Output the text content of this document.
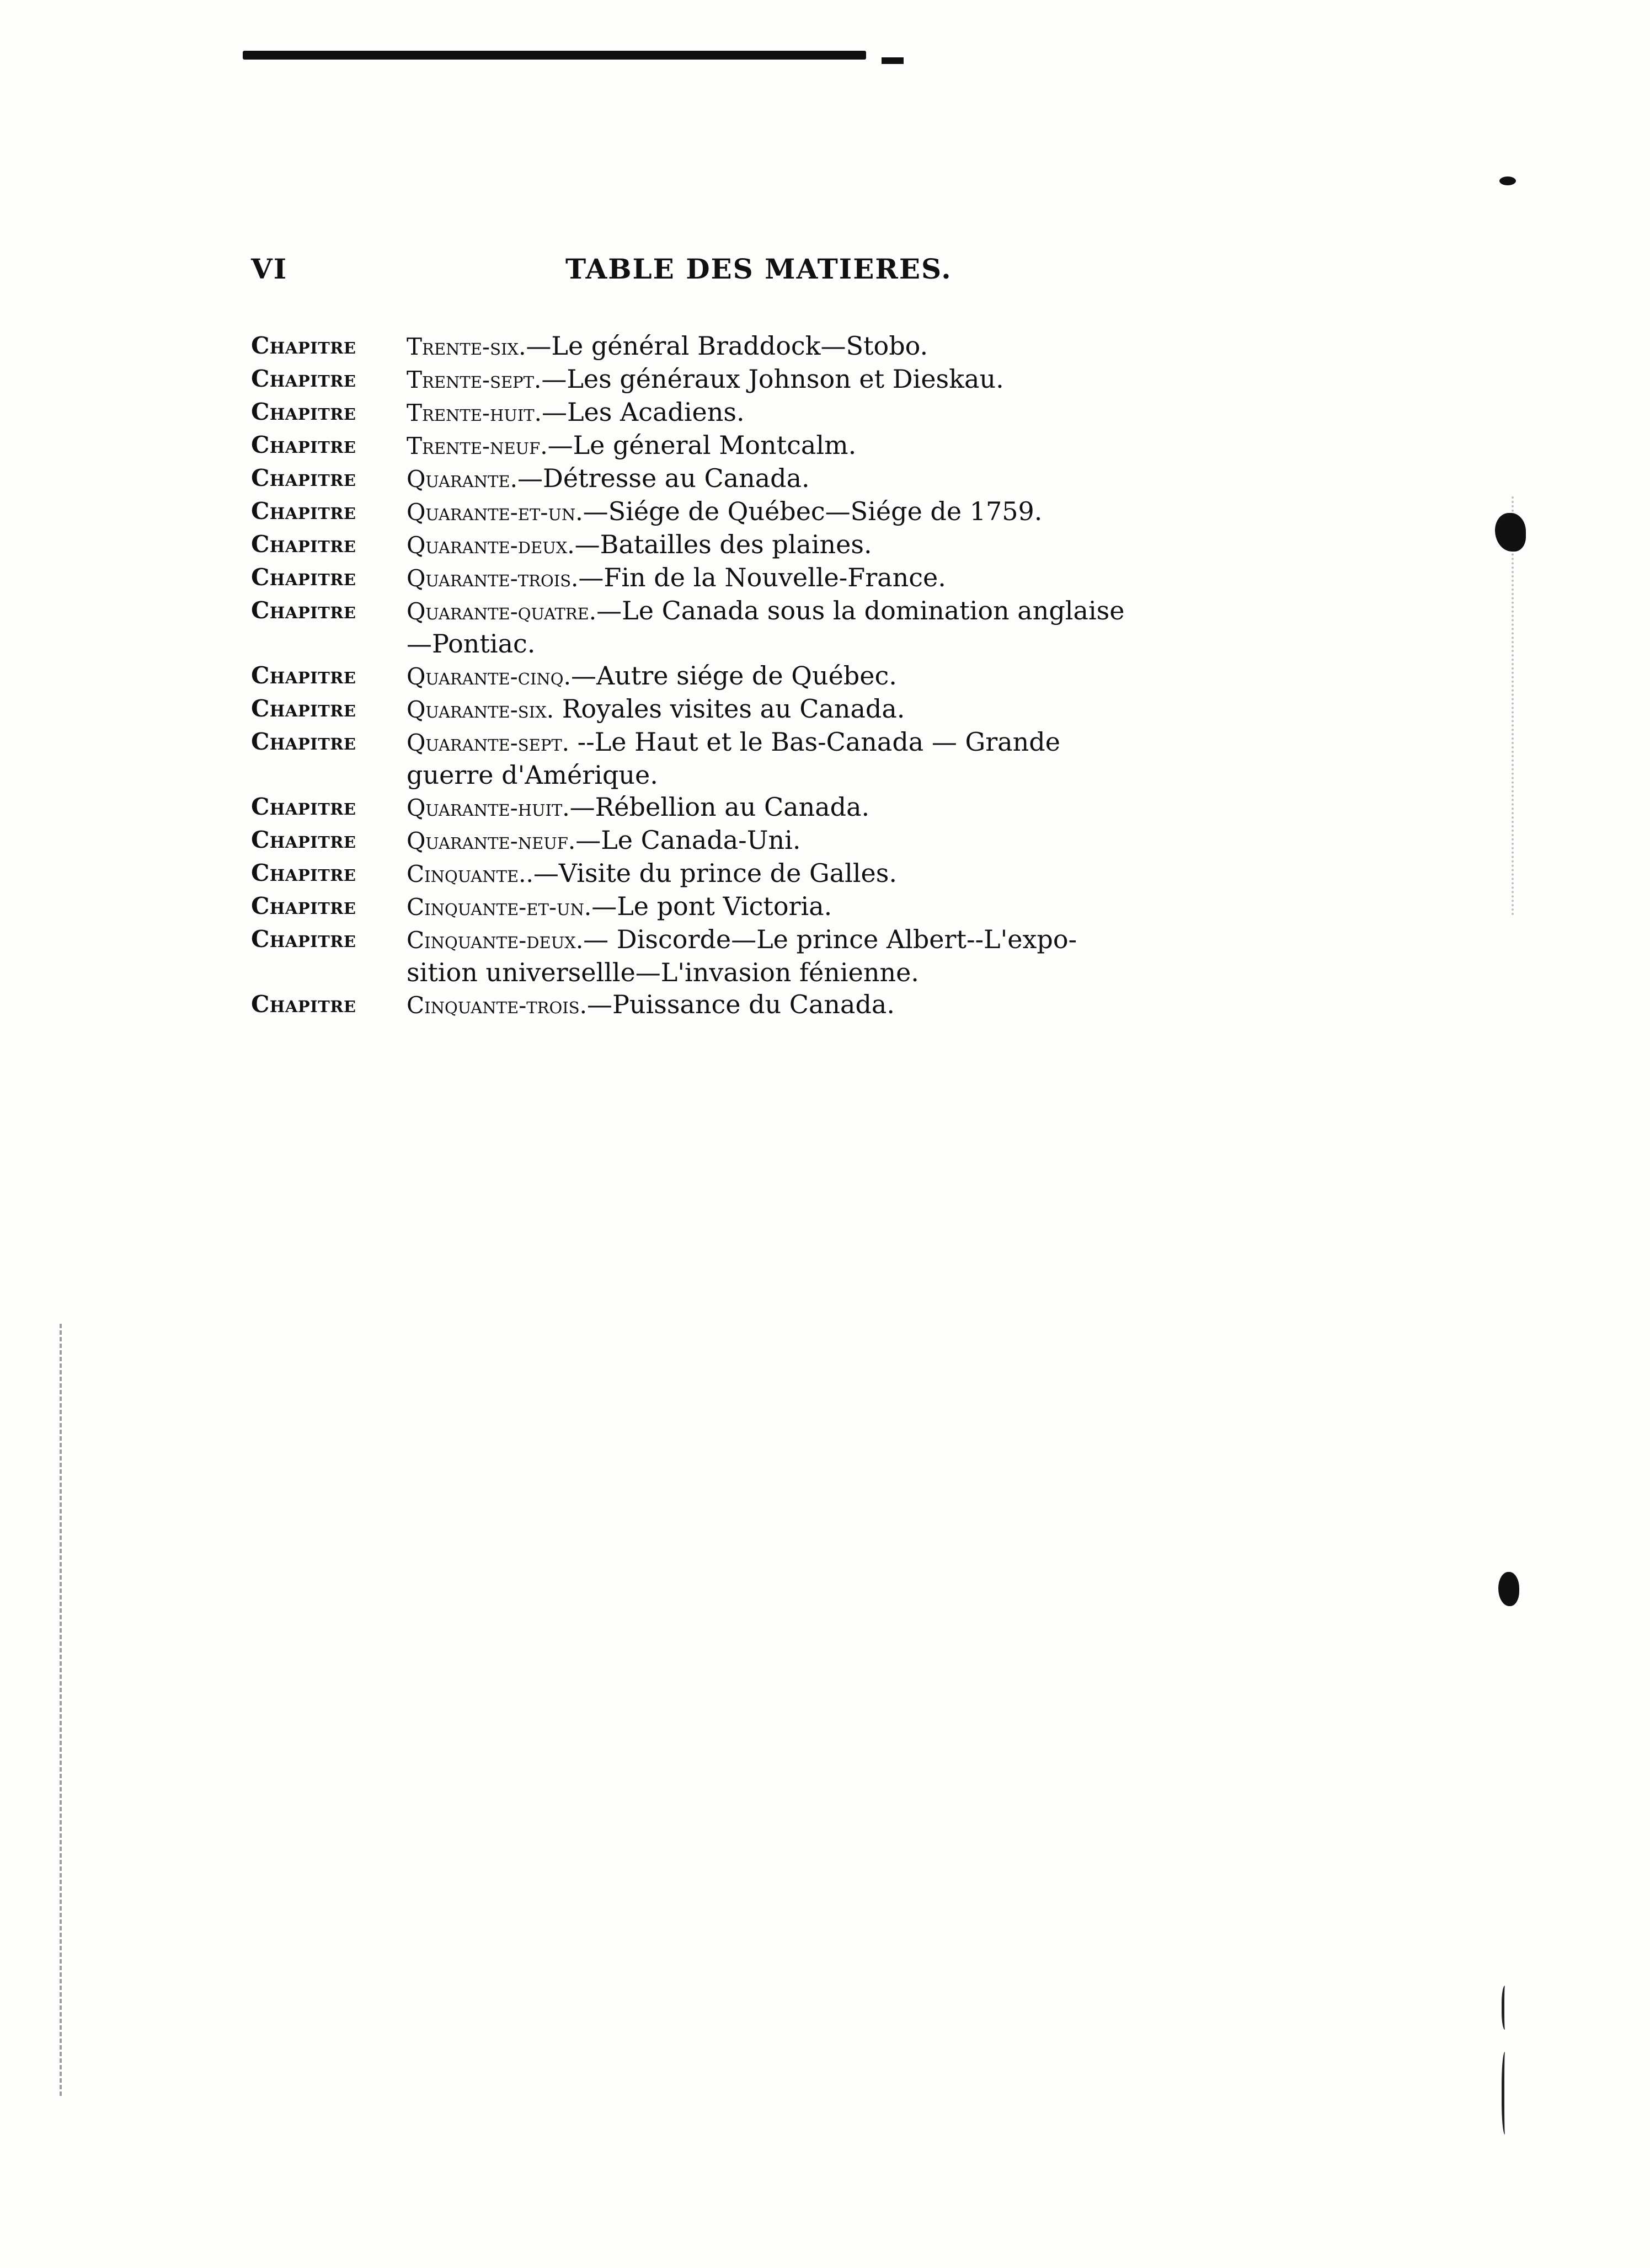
VI	TABLE DES MATIERES.
Chapitre	Trente-six.—Le général Braddock—Stobo.
Chapitre	Trente-sept.—Les généraux Johnson et Dieskau.
Chapitre	Trente-huit.—Les Acadiens.
Chapitre	Trente-neuf.—Le géneral Montcalm.
Chapitre	Quarante.—Détresse au Canada.
Chapitre	Quarante-et-un.—Siége de Québec—Siége de 1759.
Chapitre	Quarante-deux.—Batailles des plaines.
Chapitre	Quarante-trois.—Fin de la Nouvelle-France.
Chapitre	Quarante-quatre.—Le Canada sous la domination anglaise
—Pontiac.
Chapitre	Quarante-cinq.—Autre siége de Québec.
Chapitre	Quarante-six. Royales visites au Canada.
Chapitre	Quarante-sept. --Le Haut et le Bas-Canada — Grande
guerre d'Amérique.
Chapitre	Quarante-huit.—Rébellion au Canada.
Chapitre	Quarante-neuf.—Le Canada-Uni.
Chapitre	Cinquante..—Visite du prince de Galles.
Chapitre	Cinquante-et-un.—Le pont Victoria.
Chapitre	Cinquante-deux.— Discorde—Le prince Albert--L'expo-
sition universellle—L'invasion fénienne.
Chapitre	Cinquante-trois.—Puissance du Canada.
